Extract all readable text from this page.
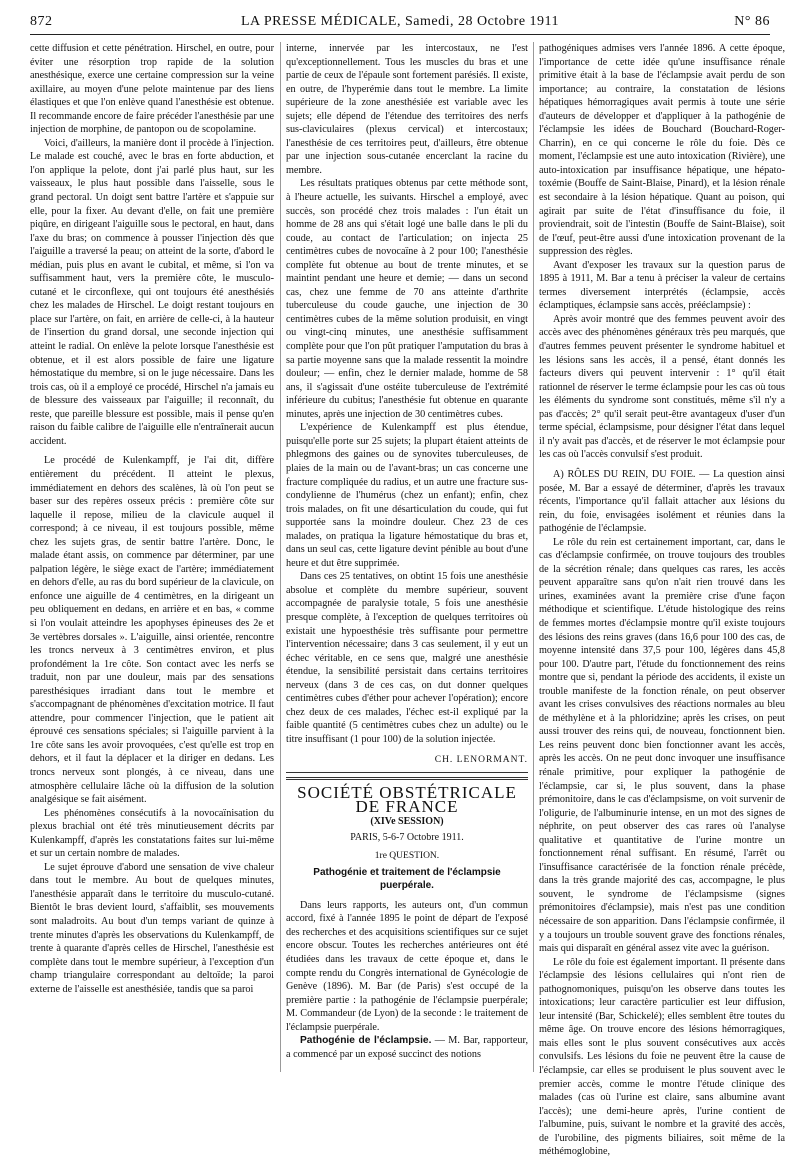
872	LA PRESSE MÉDICALE, Samedi, 28 Octobre 1911	N° 86

cette diffusion et cette pénétration. Hirschel, en outre, pour éviter une résorption trop rapide de la solution anesthésique, exerce une certaine compression sur la veine axillaire, au moyen d'une pelote maintenue par des liens élastiques et que l'on enlève quand l'anesthésie est obtenue. Il recommande encore de faire précéder l'anesthésie par une injection de morphine, de pantopon ou de scopolamine.

Voici, d'ailleurs, la manière dont il procède à l'injection. Le malade est couché, avec le bras en forte abduction, et l'on applique la pelote, dont j'ai parlé plus haut, sur les vaisseaux, le plus haut possible dans l'aisselle, sous le grand pectoral. Un doigt sent battre l'artère et s'appuie sur elle, pour la fixer. Au devant d'elle, on fait une première piqûre, en dirigeant l'aiguille sous le pectoral, en haut, dans l'axe du bras; on commence à pousser l'injection dès que l'aiguille a traversé la peau; on atteint de la sorte, d'abord le médian, puis plus en avant le cubital, et même, si l'on va suffisamment haut, vers la première côte, le musculo-cutané et le circonflexe, qui ont toujours été anesthésiés chez les malades de Hirschel. Le doigt restant toujours en place sur l'artère, on fait, en arrière de celle-ci, à la hauteur de l'insertion du grand dorsal, une seconde injection qui atteint le radial. On enlève la pelote lorsque l'anesthésie est obtenue, et il est alors possible de faire une ligature hémostatique du membre, si on le juge nécessaire. Dans les trois cas, où il a employé ce procédé, Hirschel n'a jamais eu de blessure des vaisseaux par l'aiguille; il reconnaît, du reste, que pareille blessure est possible, mais il pense qu'en raison du faible calibre de l'aiguille elle n'entraînerait aucun accident.

Le procédé de Kulenkampff, je l'ai dit, diffère entièrement du précédent. Il atteint le plexus, immédiatement en dehors des scalènes, là où l'on peut se baser sur des repères osseux précis : première côte sur laquelle il repose, milieu de la clavicule auquel il correspond; à ce niveau, il est toujours possible, même chez les sujets gras, de sentir battre l'artère. Donc, le malade étant assis, on commence par déterminer, par une palpation légère, le siège exact de l'artère; immédiatement en dehors d'elle, au ras du bord supérieur de la clavicule, on enfonce une aiguille de 4 centimètres, en la dirigeant un peu obliquement en dedans, en arrière et en bas, « comme si l'on voulait atteindre les apophyses épineuses des 2e et 3e vertèbres dorsales ». L'aiguille, ainsi orientée, rencontre les troncs nerveux à 3 centimètres environ, et plus profondément la 1re côte. Son contact avec les nerfs se traduit, non par une douleur, mais par des sensations paresthésiques irradiant dans tout le membre et s'accompagnant de phénomènes d'excitation motrice. Il faut attendre, pour commencer l'injection, que le patient ait éprouvé ces sensations spéciales; si l'aiguille parvient à la 1re côte sans les avoir provoquées, c'est qu'elle est trop en dehors, et il faut la déplacer et la diriger en dedans. Les troncs nerveux sont plongés, à ce niveau, dans une atmosphère cellulaire lâche où la diffusion de la solution analgésique se fait aisément.

Les phénomènes consécutifs à la novocaïnisation du plexus brachial ont été très minutieusement décrits par Kulenkampff, d'après les constatations faites sur lui-même et sur un certain nombre de malades.

Le sujet éprouve d'abord une sensation de vive chaleur dans tout le membre. Au bout de quelques minutes, l'anesthésie apparaît dans le territoire du musculo-cutané. Bientôt le bras devient lourd, s'affaiblit, ses mouvements sont maladroits. Au bout d'un temps variant de quinze à trente minutes d'après les observations du Kulenkampff, de trente à quarante d'après celles de Hirschel, l'anesthésie est complète dans tout le membre supérieur, à l'exception d'un champ triangulaire correspondant au deltoïde; la paroi externe de l'aisselle est anesthésiée, tandis que sa paroi

interne, innervée par les intercostaux, ne l'est qu'exceptionnellement. Tous les muscles du bras et une partie de ceux de l'épaule sont fortement parésiés. Il existe, en outre, de l'hyperémie dans tout le membre. La limite supérieure de la zone anesthésiée est variable avec les sujets; elle dépend de l'étendue des territoires des nerfs sus-claviculaires (plexus cervical) et intercostaux; l'anesthésie de ces territoires peut, d'ailleurs, être obtenue par une injection sous-cutanée encerclant la racine du membre.

Les résultats pratiques obtenus par cette méthode sont, à l'heure actuelle, les suivants. Hirschel a employé, avec succès, son procédé chez trois malades : l'un était un homme de 28 ans qui s'était logé une balle dans le pli du coude, au contact de l'articulation; on injecta 25 centimètres cubes de novocaïne à 2 pour 100; l'anesthésie complète fut obtenue au bout de trente minutes, et se maintint pendant une heure et demie; — dans un second cas, chez une femme de 70 ans atteinte d'arthrite tuberculeuse du coude gauche, une injection de 30 centimètres cubes de la même solution produisit, en vingt ou vingt-cinq minutes, une anesthésie suffisamment complète pour que l'on pût pratiquer l'amputation du bras à sa partie moyenne sans que la malade ressentit la moindre douleur; — enfin, chez le dernier malade, homme de 58 ans, il s'agissait d'une ostéite tuberculeuse de l'extrémité inférieure du cubitus; l'anesthésie fut obtenue en quarante minutes, après une injection de 30 centimètres cubes.

L'expérience de Kulenkampff est plus étendue, puisqu'elle porte sur 25 sujets; la plupart étaient atteints de phlegmons des gaines ou de synovites tuberculeuses, de plaies de la main ou de l'avant-bras; un cas concerne une fracture compliquée du radius, et un autre une fracture sus-condylienne de l'humérus (chez un enfant); enfin, chez trois malades, on fit une désarticulation du coude, qui fut supportée sans la moindre douleur. Chez 23 de ces malades, on pratiqua la ligature hémostatique du bras et, dans un seul cas, cette ligature devint pénible au bout d'une heure et dut être supprimée.

Dans ces 25 tentatives, on obtint 15 fois une anesthésie absolue et complète du membre supérieur, souvent accompagnée de paralysie totale, 5 fois une anesthésie presque complète, à l'exception de quelques territoires où existait une hypoesthésie très suffisante pour permettre l'intervention nécessaire; dans 3 cas seulement, il y eut un échec véritable, en ce sens que, malgré une anesthésie étendue, la sensibilité persistait dans certains territoires nerveux (dans 3 de ces cas, on dut donner quelques centimètres cubes d'éther pour achever l'opération); encore chez deux de ces malades, l'échec est-il expliqué par la faible quantité (5 centimètres cubes chez un adulte) ou le titre insuffisant (1 pour 100) de la solution injectée.

CH. LENORMANT.
SOCIÉTÉ OBSTÉTRICALE DE FRANCE
(XIVe SESSION)
PARIS, 5-6-7 Octobre 1911.
1re QUESTION.
Pathogénie et traitement de l'éclampsie puerpérale.

Dans leurs rapports, les auteurs ont, d'un commun accord, fixé à l'année 1895 le point de départ de l'exposé des recherches et des acquisitions scientifiques sur ce sujet encore obscur. Toutes les recherches antérieures ont été étudiées dans les travaux de cette époque et, dans le compte rendu du Congrès international de Gynécologie de Genève (1896). M. Bar (de Paris) s'est occupé de la première partie : la pathogénie de l'éclampsie puerpérale; M. Commandeur (de Lyon) de la seconde : le traitement de l'éclampsie puerpérale.

Pathogénie de l'éclampsie. — M. Bar, rapporteur, a commencé par un exposé succinct des notions

pathogéniques admises vers l'année 1896. A cette époque, l'importance de cette idée qu'une insuffisance rénale primitive était à la base de l'éclampsie avait perdu de son importance; au contraire, la constatation de lésions hépatiques hémorragiques avait permis à toute une série d'auteurs de développer et d'appliquer à la pathogénie de l'éclampsie les idées de Bouchard (Bouchard-Roger-Charrin), en ce qui concerne le rôle du foie. Dès ce moment, l'éclampsie est une auto intoxication (Rivière), une auto-intoxication par insuffisance hépatique, une hépato-toxémie (Bouffe de Saint-Blaise, Pinard), et la lésion rénale est secondaire à la lésion hépatique. Quant au poison, qui agirait par suite de l'état d'insuffisance du foie, il proviendrait, soit de l'intestin (Bouffe de Saint-Blaise), soit de l'œuf, peut-être aussi d'une intoxication provenant de la suppression des règles.

Avant d'exposer les travaux sur la question parus de 1895 à 1911, M. Bar a tenu à préciser la valeur de certains termes diversement interprétés (éclampsie, accès éclamptiques, éclampsie sans accès, prééclampsie) :

Après avoir montré que des femmes peuvent avoir des accès avec des phénomènes généraux très peu marqués, que d'autres femmes peuvent présenter le syndrome habituel et les lésions sans les accès, il a pensé, étant donnés les facteurs divers qui peuvent intervenir : 1° qu'il était rationnel de réserver le terme éclampsie pour les cas où tous les éléments du syndrome sont constitués, même s'il n'y a pas d'accès; 2° qu'il serait peut-être avantageux d'user d'un terme spécial, éclampsisme, pour désigner l'état dans lequel il n'y avait pas d'accès, et de réserver le mot éclampsie pour les cas où l'accès convulsif s'est produit.

A) RÔLES DU REIN, DU FOIE. — La question ainsi posée, M. Bar a essayé de déterminer, d'après les travaux récents, l'importance qu'il fallait attacher aux lésions du rein, du foie, envisagées isolément et réunies dans la pathogénie de l'éclampsie.

Le rôle du rein est certainement important, car, dans le cas d'éclampsie confirmée, on trouve toujours des troubles de la sécrétion rénale; dans quelques cas rares, les accès peuvent apparaître sans qu'on n'ait rien trouvé dans les urines, examinées avant la première crise d'une façon méthodique et scientifique. L'étude histologique des reins de femmes mortes d'éclampsie montre qu'il existe toujours des lésions des reins graves (dans 16,6 pour 100 des cas, de moyenne intensité dans 37,5 pour 100, légères dans 45,8 pour 100. D'autre part, l'étude du fonctionnement des reins montre que si, pendant la période des accidents, il existe un trouble manifeste de la fonction rénale, on peut observer avant les crises convulsives des réactions normales au bleu de méthylène et à la phloridzine; après les crises, on peut aussi trouver des reins qui, de nouveau, fonctionnent bien. Les reins peuvent donc bien fonctionner avant les accès, après les accès. On ne peut donc invoquer une insuffisance rénale primitive, pour expliquer la pathogénie de l'éclampsie, car si, le plus souvent, dans la phase prémonitoire, dans le cas d'éclampsisme, on voit survenir de l'oligurie, de l'albuminurie intense, en un mot des signes de néphrite, on peut observer des cas rares où l'analyse qualitative et quantitative de l'urine montre un fonctionnement rénal suffisant. En résumé, l'arrêt ou l'insuffisance caractérisée de la fonction rénale précède, dans la très grande majorité des cas, accompagne, le plus souvent, le syndrome de l'éclampsisme (signes prémonitoires d'éclampsie), mais n'est pas une condition nécessaire de son apparition. Dans l'éclampsie confirmée, il y a toujours un trouble souvent grave des fonctions rénales, mais qui disparaît en général assez vite avec la guérison.

Le rôle du foie est également important. Il présente dans l'éclampsie des lésions cellulaires qui n'ont rien de pathognomoniques, puisqu'on les observe dans toutes les intoxications; leur caractère particulier est leur diffusion, leur intensité (Bar, Schickelé); elles semblent être toutes du même âge. On trouve encore des lésions hémorragiques, mais elles sont le plus souvent consécutives aux accès convulsifs. Les lésions du foie ne peuvent être la cause de l'éclampsie, car elles se produisent le plus souvent avec le premier accès, comme le montre l'étude clinique des malades (cas où l'urine est claire, sans albumine avant l'accès); une demi-heure après, l'urine contient de l'albumine, puis, suivant le nombre et la gravité des accès, de l'urobiline, des pigments biliaires, soit même de la méthémoglobine,
